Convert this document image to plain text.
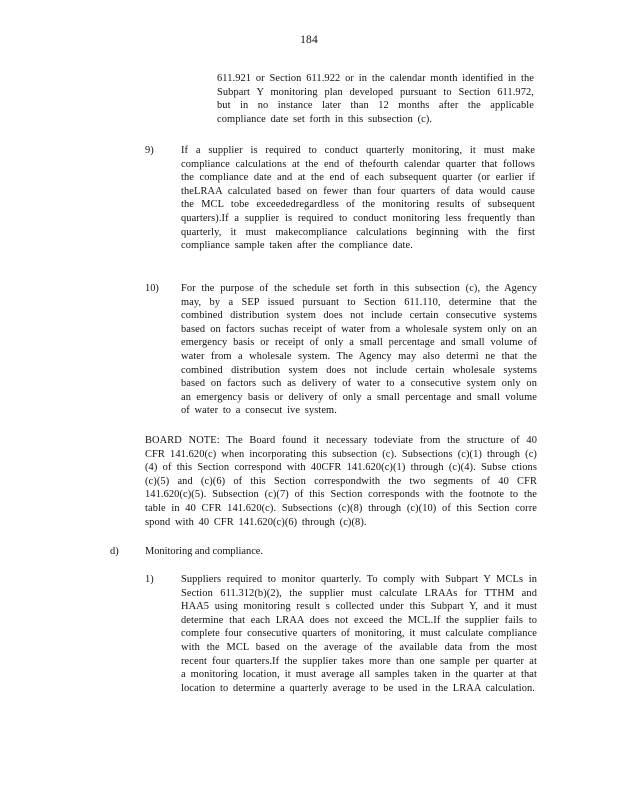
184
611.921 or Section 611.922 or in the calendar month identified in the Subpart Y monitoring plan developed pursuant to Section 611.972, but in no instance later than 12 months after the applicable compliance date set forth in this subsection (c).
9)	If a supplier is required to conduct quarterly monitoring, it must make compliance calculations at the end of thefourth calendar quarter that follows the compliance date and at the end of each subsequent quarter (or earlier if theLRAA calculated based on fewer than four quarters of data would cause the MCL tobe exceededregardless of the monitoring results of subsequent quarters).If a supplier is required to conduct monitoring less frequently than quarterly, it must makecompliance calculations beginning with the first compliance sample taken after the compliance date.
10) For the purpose of the schedule set forth in this subsection (c), the Agency may, by a SEP issued pursuant to Section 611.110, determine that the combined distribution system does not include certain consecutive systems based on factors suchas receipt of water from a wholesale system only on an emergency basis or receipt of only a small percentage and small volume of water from a wholesale system. The Agency may also determi ne that the combined distribution system does not include certain wholesale systems based on factors such as delivery of water to a consecutive system only on an emergency basis or delivery of only a small percentage and small volume of water to a consecut ive system.
BOARD NOTE: The Board found it necessary todeviate from the structure of 40 CFR 141.620(c) when incorporating this subsection (c). Subsections (c)(1) through (c)(4) of this Section correspond with 40CFR 141.620(c)(1) through (c)(4). Subse ctions (c)(5) and (c)(6) of this Section correspondwith the two segments of 40 CFR 141.620(c)(5). Subsection (c)(7) of this Section corresponds with the footnote to the table in 40 CFR 141.620(c). Subsections (c)(8) through (c)(10) of this Section corre spond with 40 CFR 141.620(c)(6) through (c)(8).
d)	Monitoring and compliance.
1)	Suppliers required to monitor quarterly. To comply with Subpart Y MCLs in Section 611.312(b)(2), the supplier must calculate LRAAs for TTHM and HAA5 using monitoring result s collected under this Subpart Y, and it must determine that each LRAA does not exceed the MCL.If the supplier fails to complete four consecutive quarters of monitoring, it must calculate compliance with the MCL based on the average of the available data from the most recent four quarters.If the supplier takes more than one sample per quarter at a monitoring location, it must average all samples taken in the quarter at that location to determine a quarterly average to be used in the LRAA calculation.
